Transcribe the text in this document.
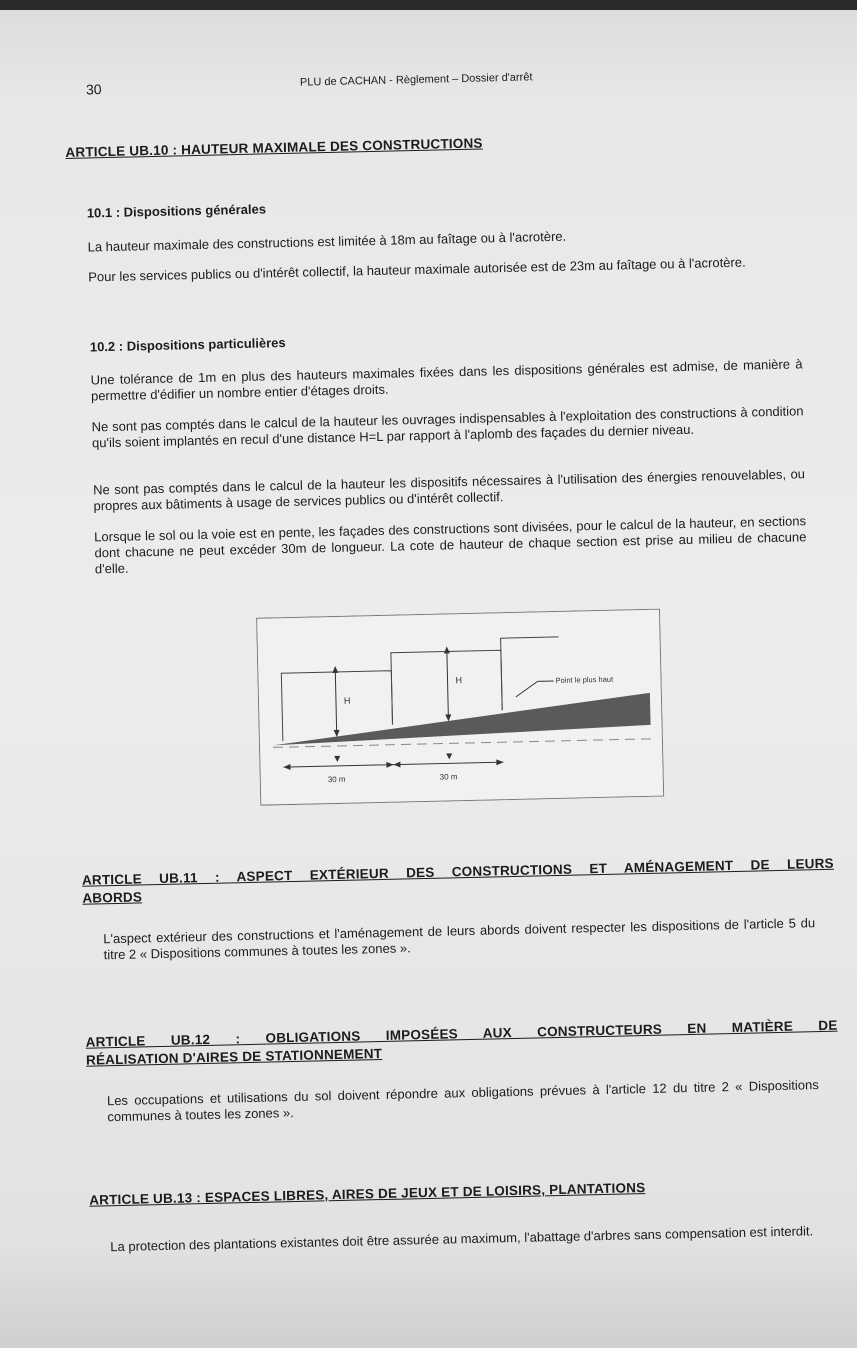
30
PLU de CACHAN - Règlement – Dossier d'arrêt
ARTICLE UB.10 : HAUTEUR MAXIMALE DES CONSTRUCTIONS
10.1 : Dispositions générales

La hauteur maximale des constructions est limitée à 18m au faîtage ou à l'acrotère.

Pour les services publics ou d'intérêt collectif, la hauteur maximale autorisée est de 23m au faîtage ou à l'acrotère.

10.2 : Dispositions particulières

Une tolérance de 1m en plus des hauteurs maximales fixées dans les dispositions générales est admise, de manière à permettre d'édifier un nombre entier d'étages droits.

Ne sont pas comptés dans le calcul de la hauteur les ouvrages indispensables à l'exploitation des constructions à condition qu'ils soient implantés en recul d'une distance H=L par rapport à l'aplomb des façades du dernier niveau.

Ne sont pas comptés dans le calcul de la hauteur les dispositifs nécessaires à l'utilisation des énergies renouvelables, ou propres aux bâtiments à usage de services publics ou d'intérêt collectif.

Lorsque le sol ou la voie est en pente, les façades des constructions sont divisées, pour le calcul de la hauteur, en sections dont chacune ne peut excéder 30m de longueur. La cote de hauteur de chaque section est prise au milieu de chacune d'elle.

H
H	Point le plus haut
30 m	30 m
ARTICLE UB.11 : ASPECT EXTÉRIEUR DES CONSTRUCTIONS ET AMÉNAGEMENT DE LEURS
ABORDS

L'aspect extérieur des constructions et l'aménagement de leurs abords doivent respecter les dispositions de l'article 5 du titre 2 « Dispositions communes à toutes les zones ».

ARTICLE UB.12 : OBLIGATIONS IMPOSÉES AUX CONSTRUCTEURS EN MATIÈRE DE
RÉALISATION D'AIRES DE STATIONNEMENT

Les occupations et utilisations du sol doivent répondre aux obligations prévues à l'article 12 du titre 2 « Dispositions communes à toutes les zones ».

ARTICLE UB.13 : ESPACES LIBRES, AIRES DE JEUX ET DE LOISIRS, PLANTATIONS

La protection des plantations existantes doit être assurée au maximum, l'abattage d'arbres sans compensation est interdit.
